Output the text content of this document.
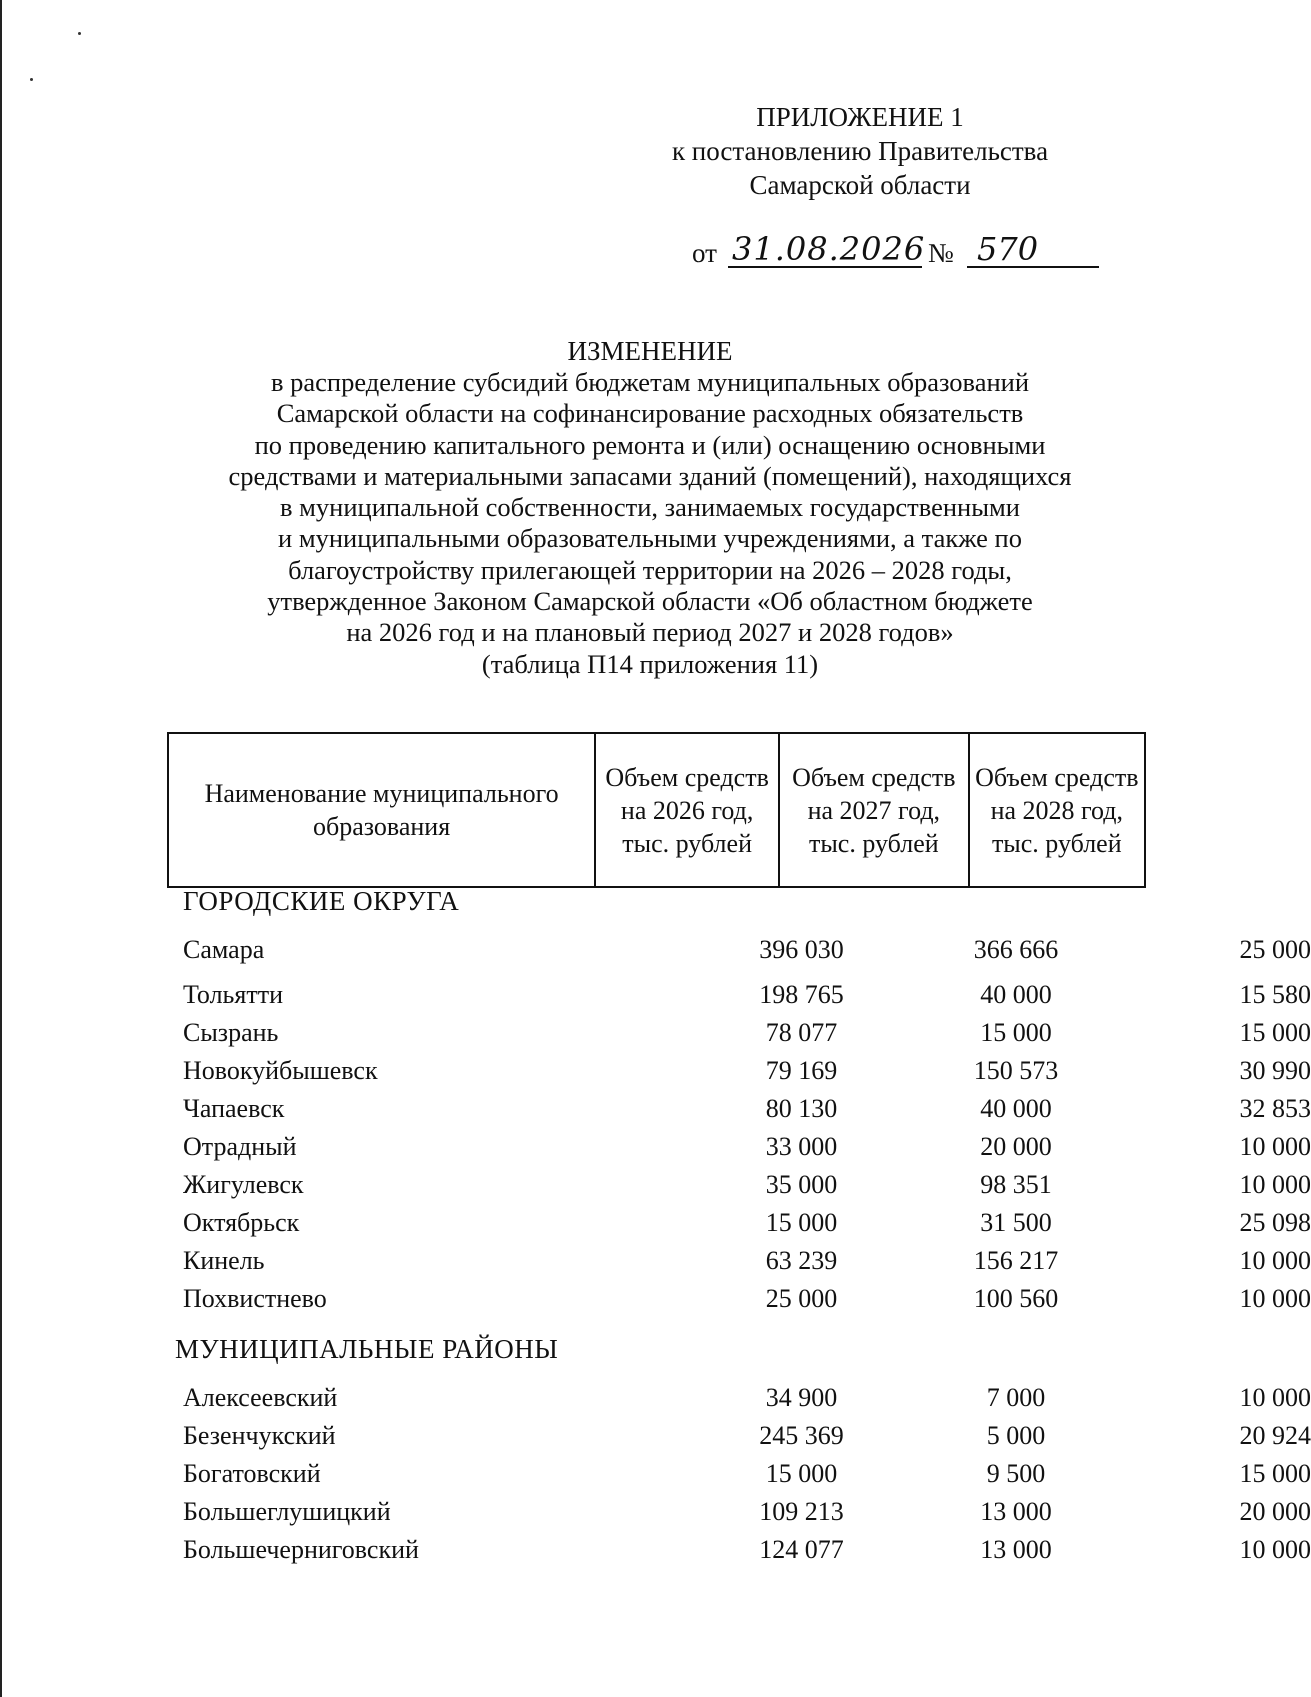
ПРИЛОЖЕНИЕ 1
к постановлению Правительства
Самарской области
от 31.08.2026 № 570
ИЗМЕНЕНИЕ
в распределение субсидий бюджетам муниципальных образований
Самарской области на софинансирование расходных обязательств
по проведению капитального ремонта и (или) оснащению основными
средствами и материальными запасами зданий (помещений), находящихся
в муниципальной собственности, занимаемых государственными
и муниципальными образовательными учреждениями, а также по
благоустройству прилегающей территории на 2026 – 2028 годы,
утвержденное Законом Самарской области «Об областном бюджете
на 2026 год и на плановый период 2027 и 2028 годов»
(таблица П14 приложения 11)
Наименование муниципального образования	Объем средств на 2026 год, тыс. рублей	Объем средств на 2027 год, тыс. рублей	Объем средств на 2028 год, тыс. рублей
ГОРОДСКИЕ ОКРУГА
Самара	396 030	366 666	25 000
Тольятти	198 765	40 000	15 580
Сызрань	78 077	15 000	15 000
Новокуйбышевск	79 169	150 573	30 990
Чапаевск	80 130	40 000	32 853
Отрадный	33 000	20 000	10 000
Жигулевск	35 000	98 351	10 000
Октябрьск	15 000	31 500	25 098
Кинель	63 239	156 217	10 000
Похвистнево	25 000	100 560	10 000
МУНИЦИПАЛЬНЫЕ РАЙОНЫ
Алексеевский	34 900	7 000	10 000
Безенчукский	245 369	5 000	20 924
Богатовский	15 000	9 500	15 000
Большеглушицкий	109 213	13 000	20 000
Большечерниговский	124 077	13 000	10 000
